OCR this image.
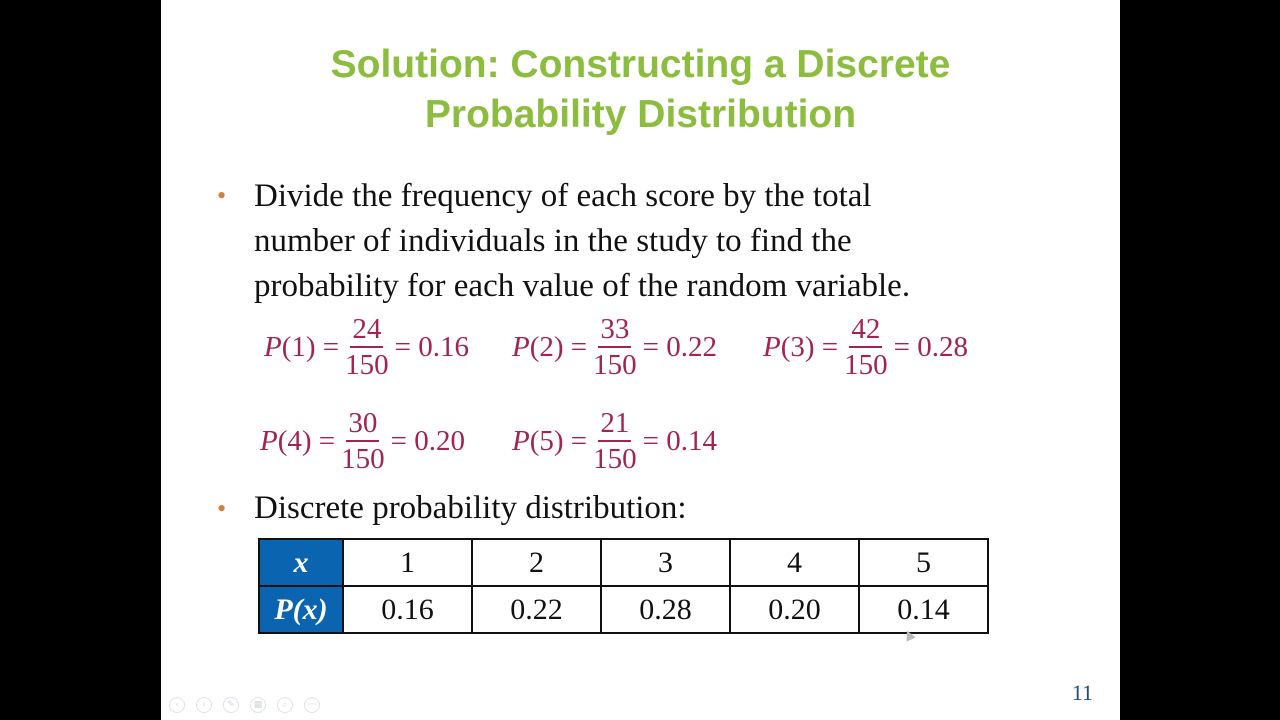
Solution: Constructing a Discrete
Probability Distribution
• Divide the frequency of each score by the total
number of individuals in the study to find the
probability for each value of the random variable.
$P(1) = \frac{24}{150} = 0.16$ $P(2) = \frac{33}{150} = 0.22$ $P(3) = \frac{42}{150} = 0.28$
$P(4) = \frac{30}{150} = 0.20$ $P(5) = \frac{21}{150} = 0.14$
• Discrete probability distribution:
x	1	2	3	4	5
P(x)	0.16	0.22	0.28	0.20	0.14
11
‹	›	✎	▦	⌕	⋯
